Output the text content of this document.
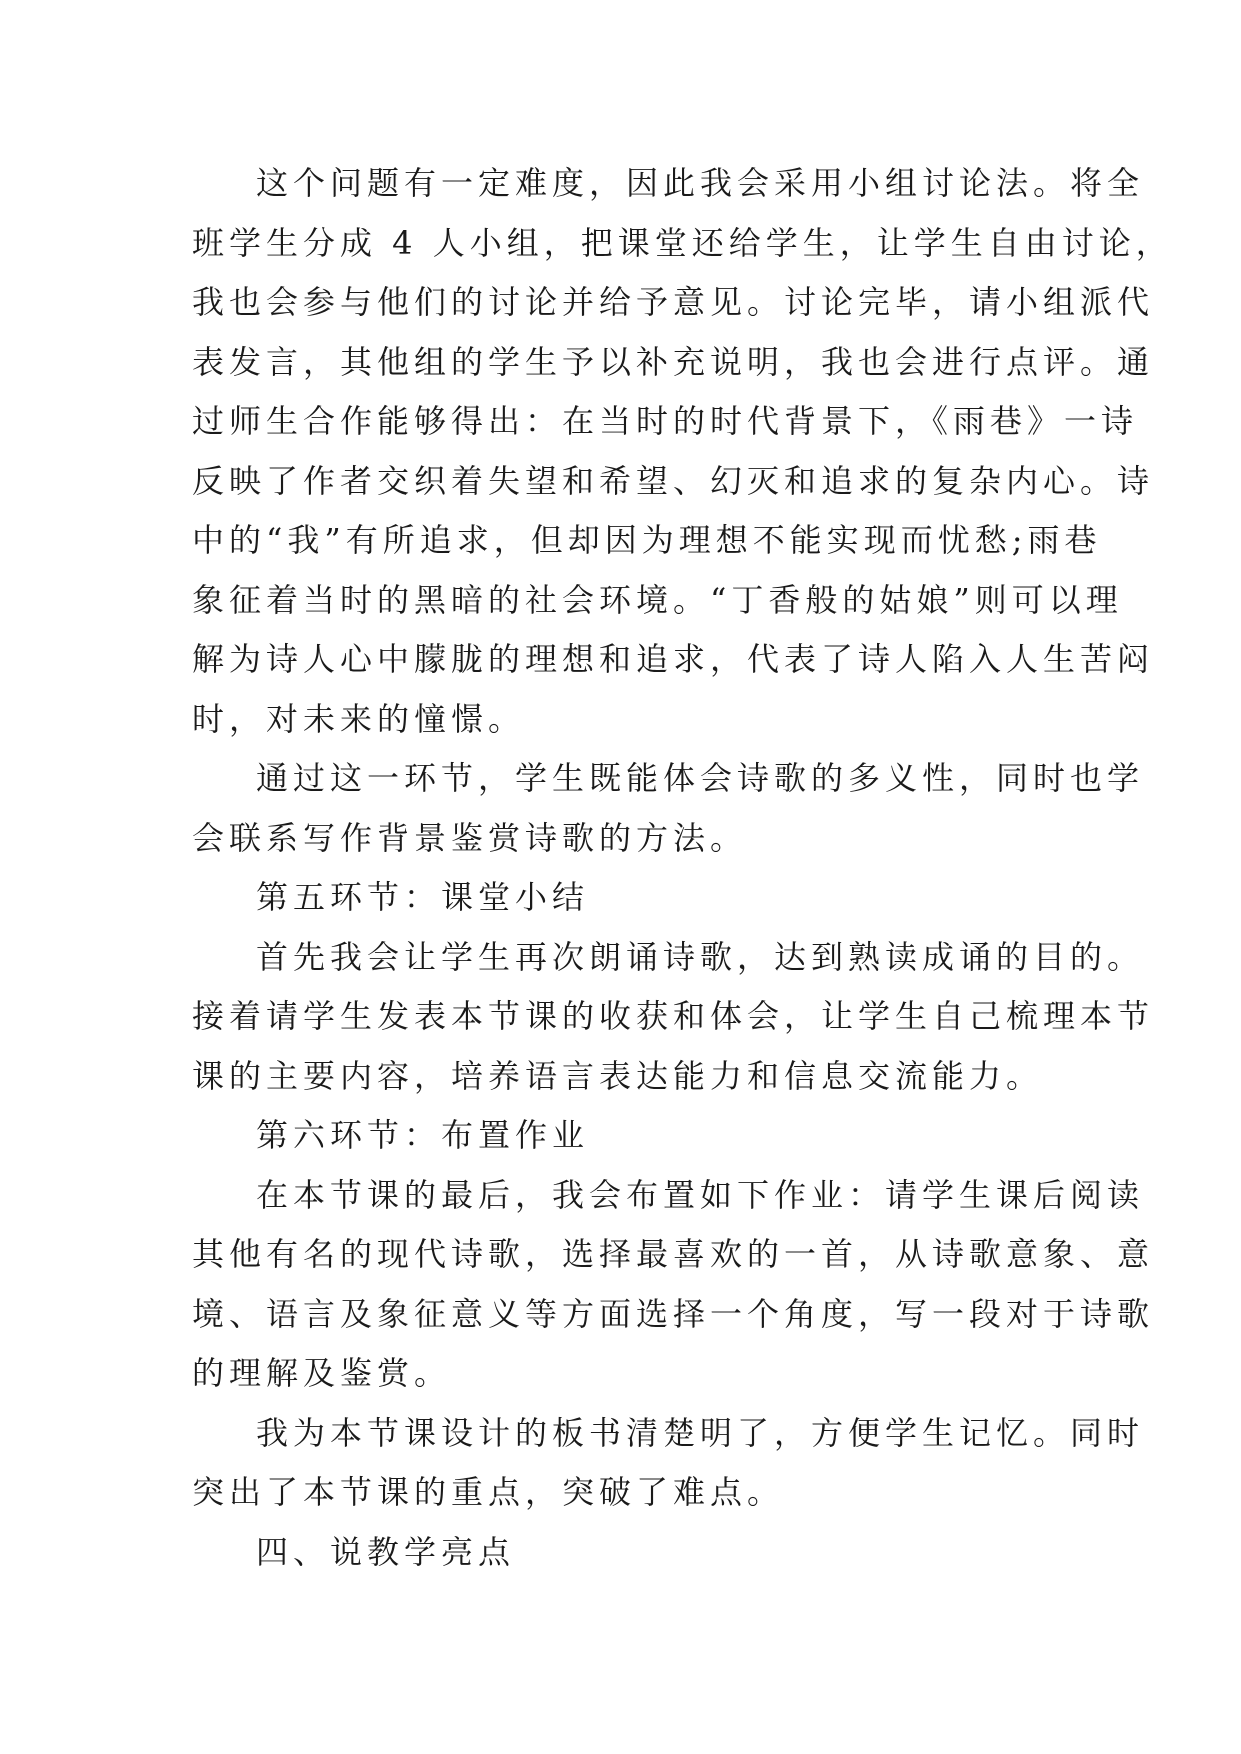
这个问题有一定难度，因此我会采用小组讨论法。将全
班学生分成 4 人小组，把课堂还给学生，让学生自由讨论，
我也会参与他们的讨论并给予意见。讨论完毕，请小组派代
表发言，其他组的学生予以补充说明，我也会进行点评。通
过师生合作能够得出：在当时的时代背景下，《雨巷》一诗
反映了作者交织着失望和希望、幻灭和追求的复杂内心。诗
中的“我”有所追求，但却因为理想不能实现而忧愁;雨巷
象征着当时的黑暗的社会环境。“丁香般的姑娘”则可以理
解为诗人心中朦胧的理想和追求，代表了诗人陷入人生苦闷
时，对未来的憧憬。
通过这一环节，学生既能体会诗歌的多义性，同时也学
会联系写作背景鉴赏诗歌的方法。
第五环节：课堂小结
首先我会让学生再次朗诵诗歌，达到熟读成诵的目的。
接着请学生发表本节课的收获和体会，让学生自己梳理本节
课的主要内容，培养语言表达能力和信息交流能力。
第六环节：布置作业
在本节课的最后，我会布置如下作业：请学生课后阅读
其他有名的现代诗歌，选择最喜欢的一首，从诗歌意象、意
境、语言及象征意义等方面选择一个角度，写一段对于诗歌
的理解及鉴赏。
我为本节课设计的板书清楚明了，方便学生记忆。同时
突出了本节课的重点，突破了难点。
四、说教学亮点
